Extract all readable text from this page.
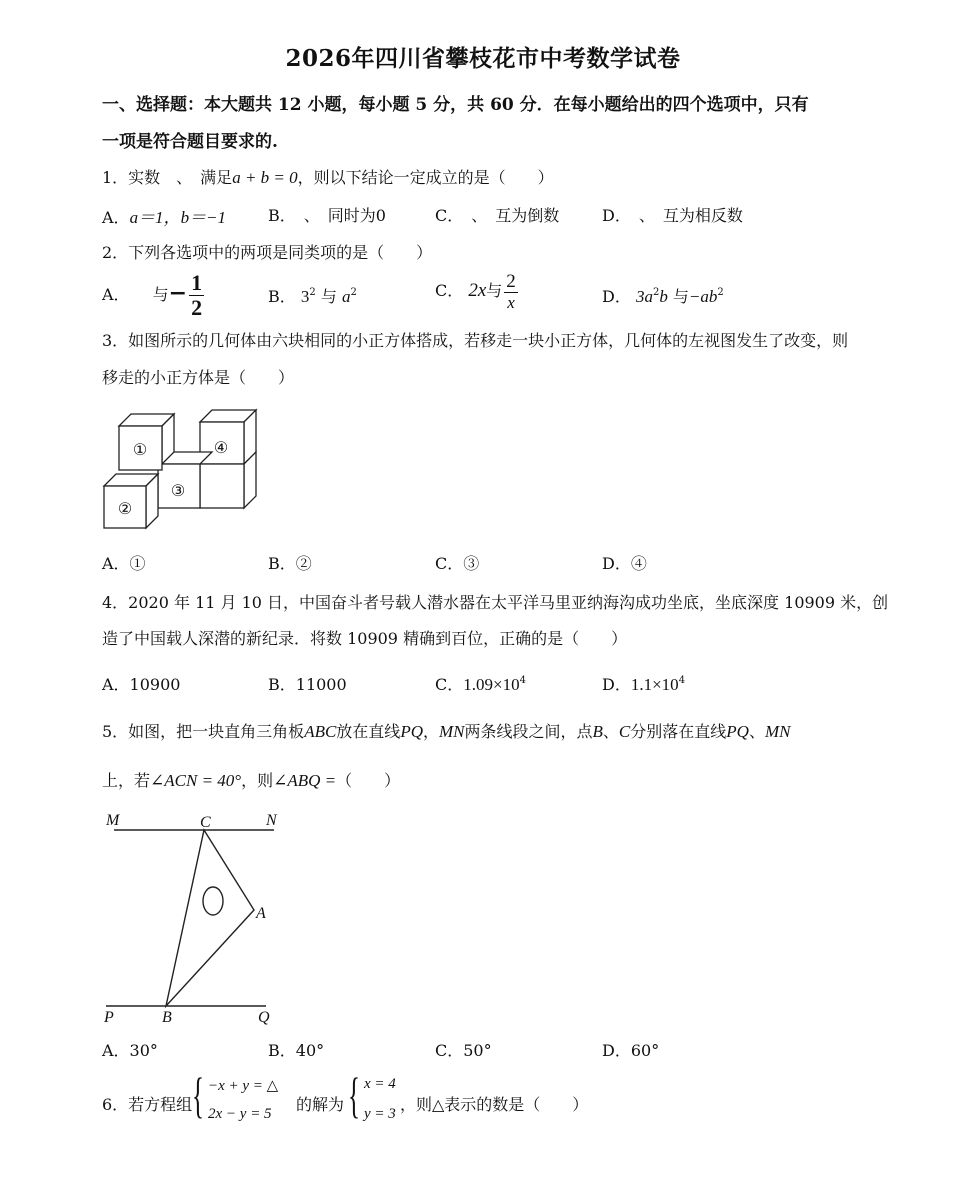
2026年四川省攀枝花市中考数学试卷
一、选择题：本大题共 12 小题，每小题 5 分，共 60 分．在每小题给出的四个选项中，只有
一项是符合题目要求的.
1．实数　、　满足a + b = 0，则以下结论一定成立的是（　　）
A．a＝1，b＝−1	B．　、　同时为0	C．　、　互为倒数	D．　、　互为相反数
2．下列各选项中的两项是同类项的是（　　）
A． 与− $\frac{1}{2}$	B． $3^2$ 与 $a^2$	C． 2x与 $\frac{2}{x}$	D． $3a^2b$ 与$-ab^2$
3．如图所示的几何体由六块相同的小正方体搭成，若移走一块小正方体，几何体的左视图发生了改变，则
移走的小正方体是（　　）
①
②
③
④
A．①	B．②	C．③	D．④
4．2020 年 11 月 10 日，中国奋斗者号载人潜水器在太平洋马里亚纳海沟成功坐底，坐底深度 10909 米，创
造了中国载人深潜的新纪录．将数 10909 精确到百位，正确的是（　　）
A．10900	B．11000	C．$1.09\times 10^4$	D．$1.1\times 10^4$
5．如图，把一块直角三角板ABC放在直线PQ，MN两条线段之间，点B、C分别落在直线PQ、MN
上，若∠ACN = 40°，则∠ABQ =（　　）
M	C	N
A
P	B	Q
A．30°	B．40°	C．50°	D．60°
6．若方程组 { −x + y = △
2x − y = 5 的解为 { x = 4
y = 3 ，则△表示的数是（　　）
